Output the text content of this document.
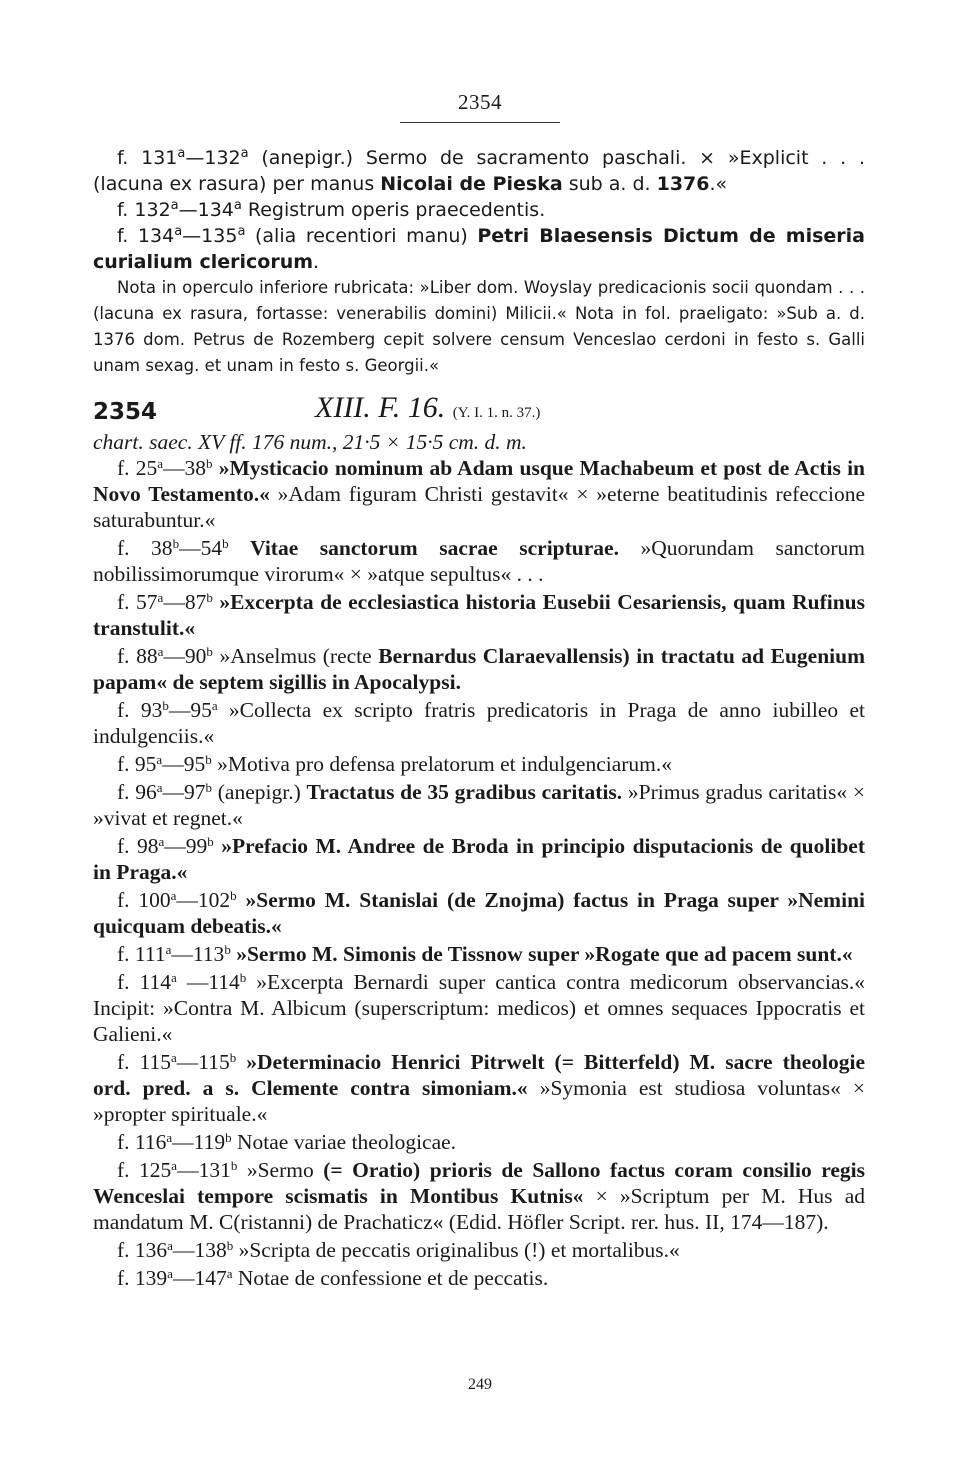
2354

f. 131$^a$—132$^a$ (anepigr.) Sermo de sacramento paschali. × »Explicit . . . (lacuna ex rasura) per manus Nicolai de Pieska sub a. d. 1376.«

f. 132$^a$—134$^a$ Registrum operis praecedentis.

f. 134$^a$—135$^a$ (alia recentiori manu) Petri Blaesensis Dictum de miseria curialium clericorum.

Nota in operculo inferiore rubricata: »Liber dom. Woyslay predicacionis socii quondam . . . (lacuna ex rasura, fortasse: venerabilis domini) Milicii.« Nota in fol. praeligato: »Sub a. d. 1376 dom. Petrus de Rozemberg cepit solvere censum Venceslao cerdoni in festo s. Galli unam sexag. et unam in festo s. Georgii.«

2354	XIII. F. 16. (Y. I. 1. n. 37.)

chart. saec. XV ff. 176 num., 21·5 × 15·5 cm. d. m.

f. 25$^a$—38$^b$ »Mysticacio nominum ab Adam usque Machabeum et post de Actis in Novo Testamento.« »Adam figuram Christi gestavit« × »eterne beatitudinis refeccione saturabuntur.«

f. 38$^b$—54$^b$ Vitae sanctorum sacrae scripturae. »Quorundam sanctorum nobilissimorumque virorum« × »atque sepultus« . . .

f. 57$^a$—87$^b$ »Excerpta de ecclesiastica historia Eusebii Cesariensis, quam Rufinus transtulit.«

f. 88$^a$—90$^b$ »Anselmus (recte Bernardus Claraevallensis) in tractatu ad Eugenium papam« de septem sigillis in Apocalypsi.

f. 93$^b$—95$^a$ »Collecta ex scripto fratris predicatoris in Praga de anno iubilleo et indulgenciis.«

f. 95$^a$—95$^b$ »Motiva pro defensa prelatorum et indulgenciarum.«

f. 96$^a$—97$^b$ (anepigr.) Tractatus de 35 gradibus caritatis. »Primus gradus caritatis« × »vivat et regnet.«

f. 98$^a$—99$^b$ »Prefacio M. Andree de Broda in principio disputacionis de quolibet in Praga.«

f. 100$^a$—102$^b$ »Sermo M. Stanislai (de Znojma) factus in Praga super »Nemini quicquam debeatis.«

f. 111$^a$—113$^b$ »Sermo M. Simonis de Tissnow super »Rogate que ad pacem sunt.«

f. 114$^a$ —114$^b$ »Excerpta Bernardi super cantica contra medicorum observancias.« Incipit: »Contra M. Albicum (superscriptum: medicos) et omnes sequaces Ippocratis et Galieni.«

f. 115$^a$—115$^b$ »Determinacio Henrici Pitrwelt (= Bitterfeld) M. sacre theologie ord. pred. a s. Clemente contra simoniam.« »Symonia est studiosa voluntas« × »propter spirituale.«

f. 116$^a$—119$^b$ Notae variae theologicae.

f. 125$^a$—131$^b$ »Sermo (= Oratio) priοris de Sallono factus coram consilio regis Wenceslai tempore scismatis in Montibus Kutnis« × »Scriptum per M. Hus ad mandatum M. C(ristanni) de Prachaticz« (Edid. Höfler Script. rer. hus. II, 174—187).

f. 136$^a$—138$^b$ »Scripta de peccatis originalibus (!) et mortalibus.«

f. 139$^a$—147$^a$ Notae de confessione et de peccatis.

249
